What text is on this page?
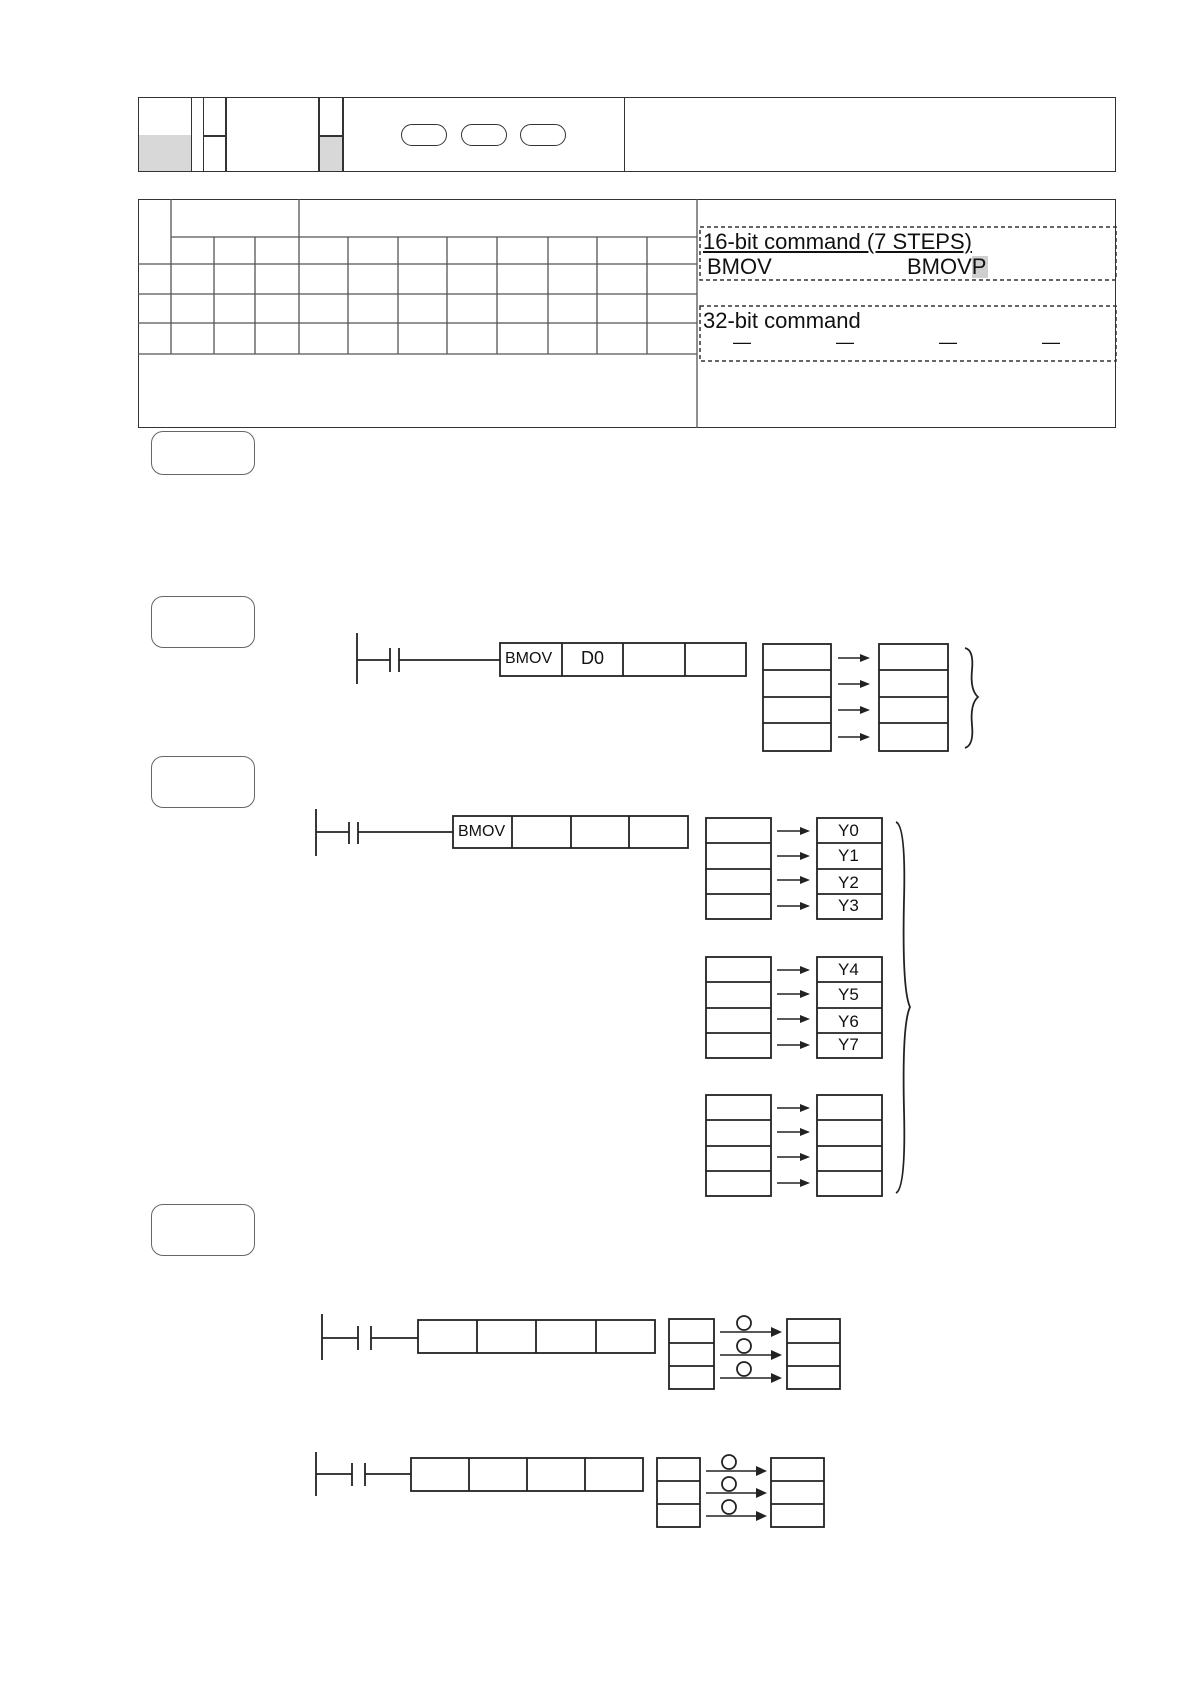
16-bit command (7 STEPS)
BMOV	BMOVP
32-bit command
—	—	—	—
BMOV D0
BMOV	Y0
Y1
Y2
Y3
Y4
Y5
Y6
Y7
